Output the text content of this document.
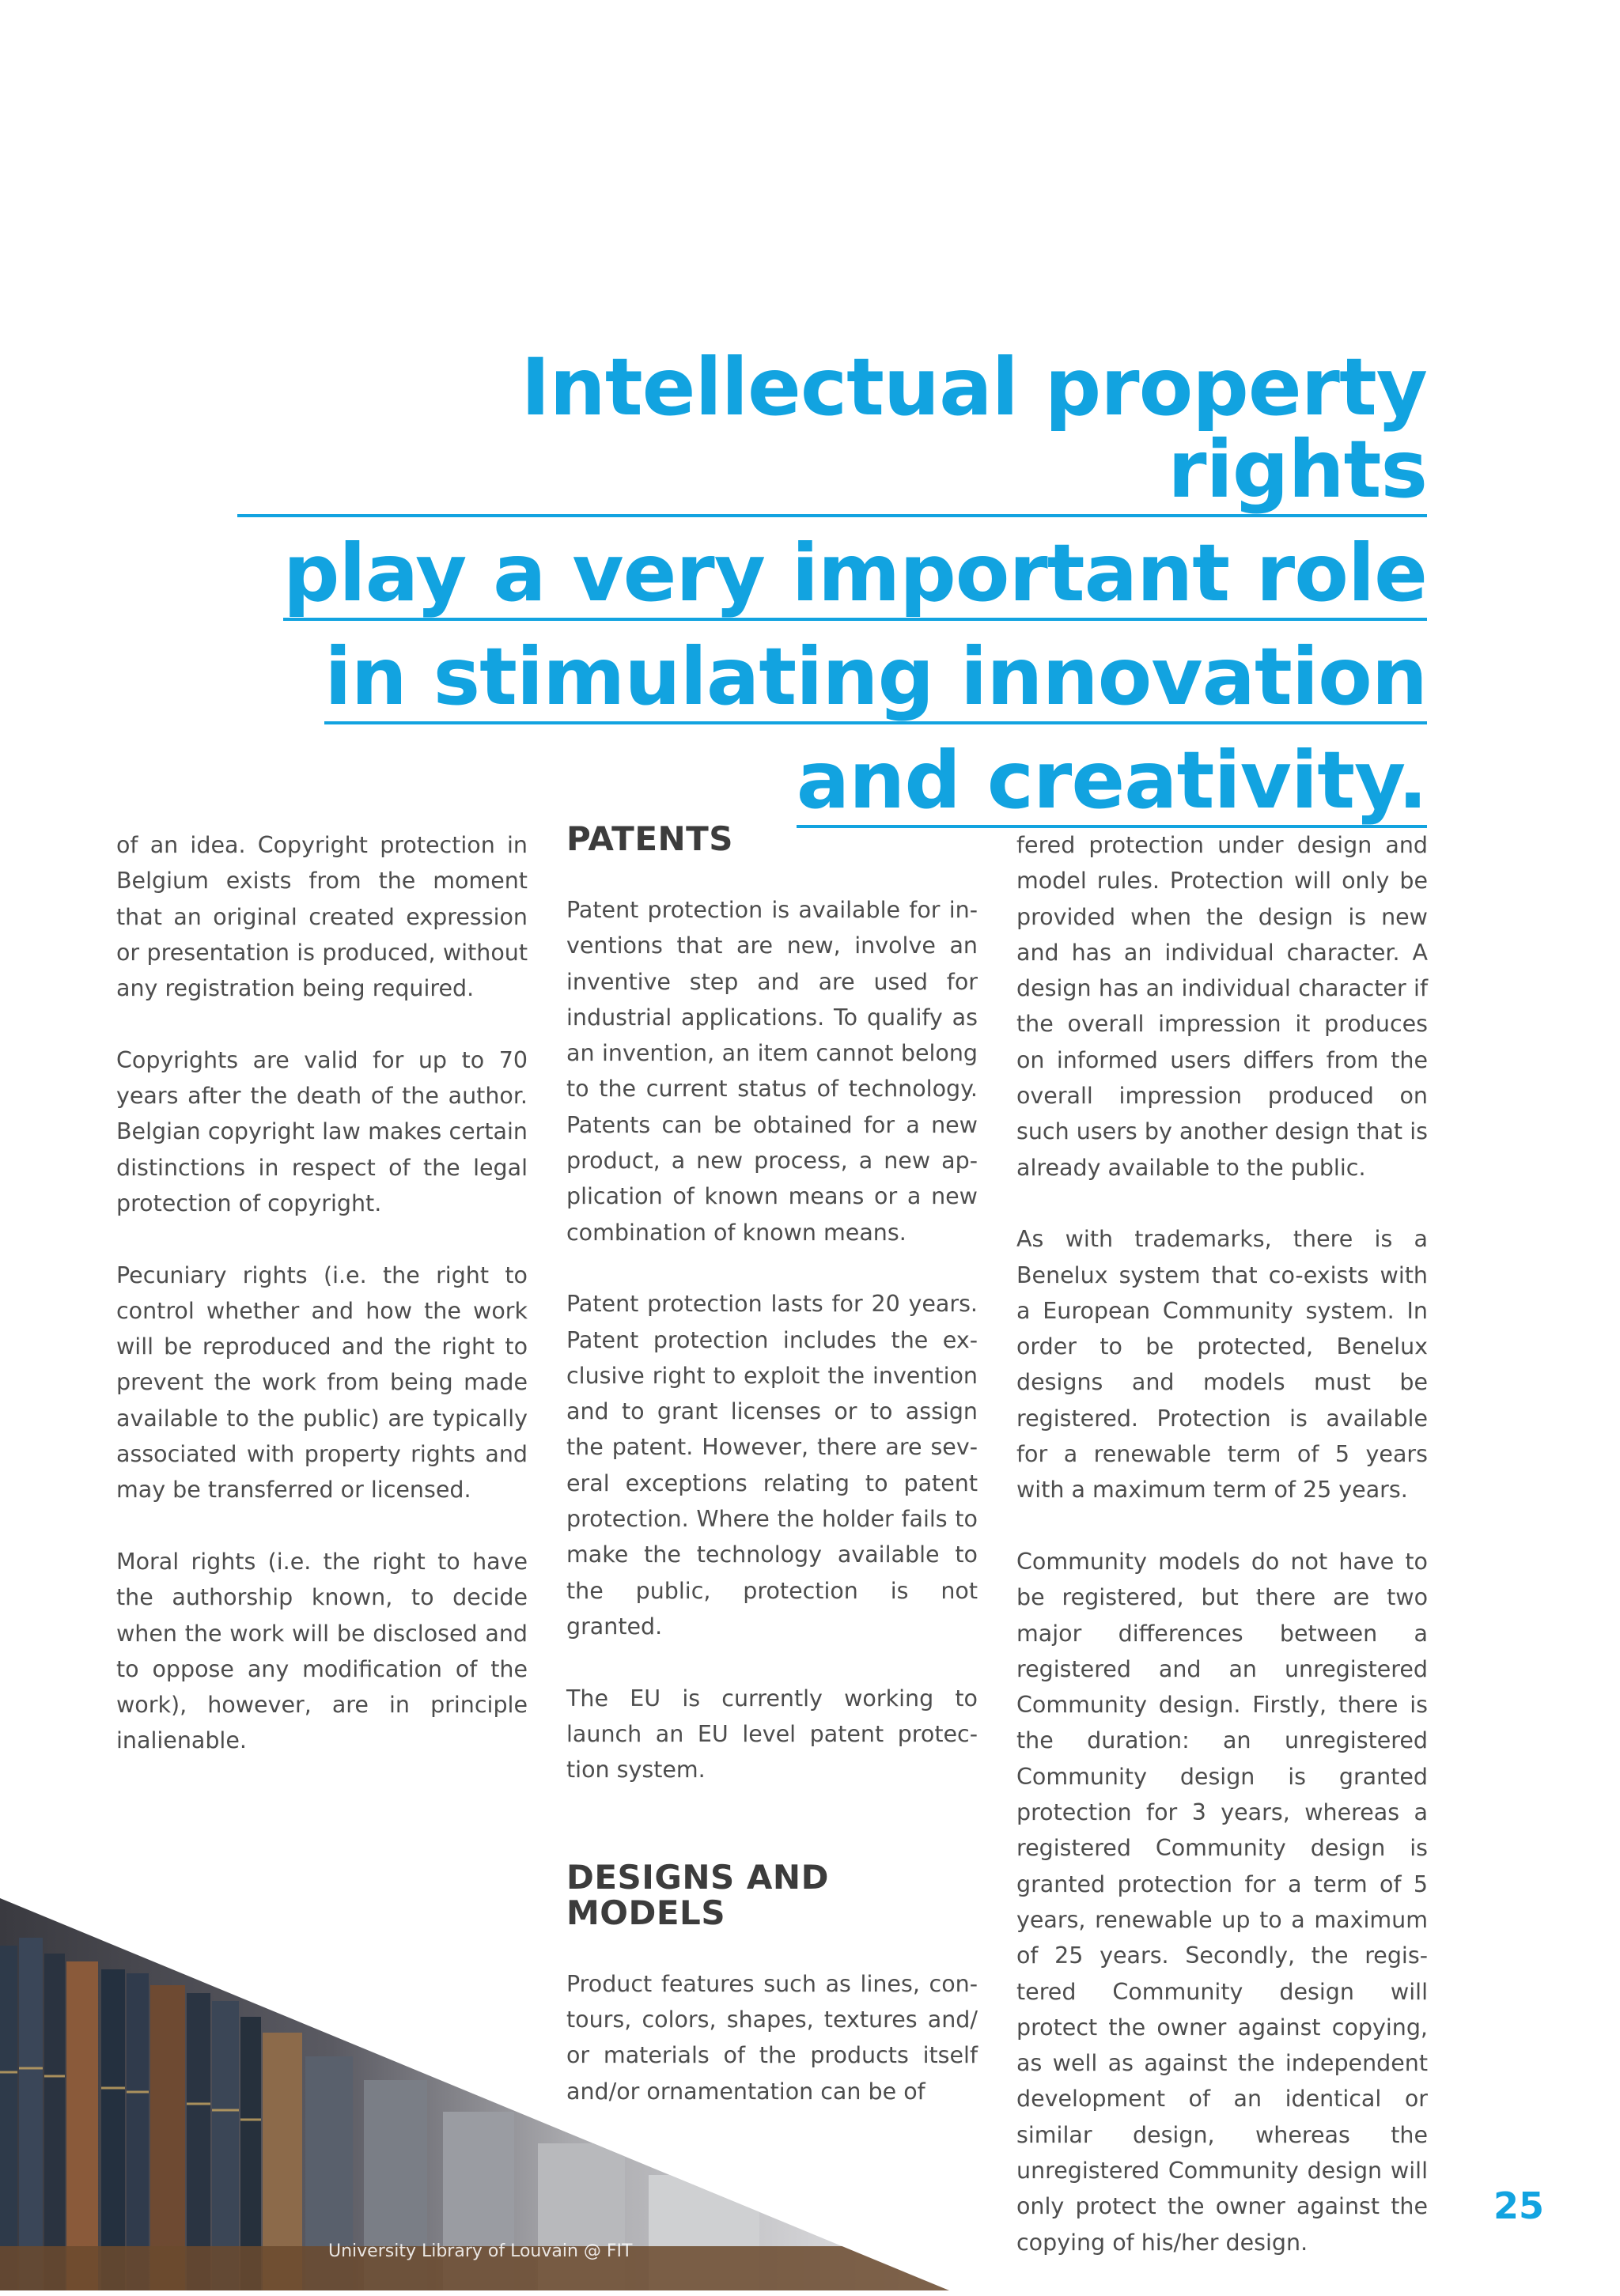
Intellectual property rights
play a very important role
in stimulating innovation
and creativity.

of an idea. Copyright protection in Belgium exists from the moment that an original created expression or presentation is produced, without any registration being required.

Copyrights are valid for up to 70 years after the death of the author. Belgian copyright law makes certain distinctions in respect of the legal protection of copyright.

Pecuniary rights (i.e. the right to control whether and how the work will be reproduced and the right to prevent the work from being made available to the public) are typically associated with property rights and may be transferred or licensed.

Moral rights (i.e. the right to have the authorship known, to decide when the work will be disclosed and to oppose any modification of the work), however, are in principle inalienable.

PATENTS

Patent protection is available for inventions that are new, involve an inventive step and are used for industrial applications. To qualify as an invention, an item cannot belong to the current status of technology. Patents can be obtained for a new product, a new process, a new application of known means or a new combination of known means.

Patent protection lasts for 20 years. Patent protection includes the exclusive right to exploit the invention and to grant licenses or to assign the patent. However, there are several exceptions relating to patent protection. Where the holder fails to make the technology available to the public, protection is not granted.

The EU is currently working to launch an EU level patent protection system.

DESIGNS AND
MODELS

Product features such as lines, contours, colors, shapes, textures and/ or materials of the products itself and/or ornamentation can be of

fered protection under design and model rules. Protection will only be provided when the design is new and has an individual character. A design has an individual character if the overall impression it produces on informed users differs from the overall impression produced on such users by another design that is already available to the public.

As with trademarks, there is a Benelux system that co-exists with a European Community system. In order to be protected, Benelux designs and models must be registered. Protection is available for a renewable term of 5 years with a maximum term of 25 years.

Community models do not have to be registered, but there are two major differences between a registered and an unregistered Community design. Firstly, there is the duration: an unregistered Community design is granted protection for 3 years, whereas a registered Community design is granted protection for a term of 5 years, renewable up to a maximum of 25 years. Secondly, the registered Community design will protect the owner against copying, as well as against the independent development of an identical or similar design, whereas the unregistered Community design will only protect the owner against the copying of his/her design.

University Library of Louvain @ FIT
25
